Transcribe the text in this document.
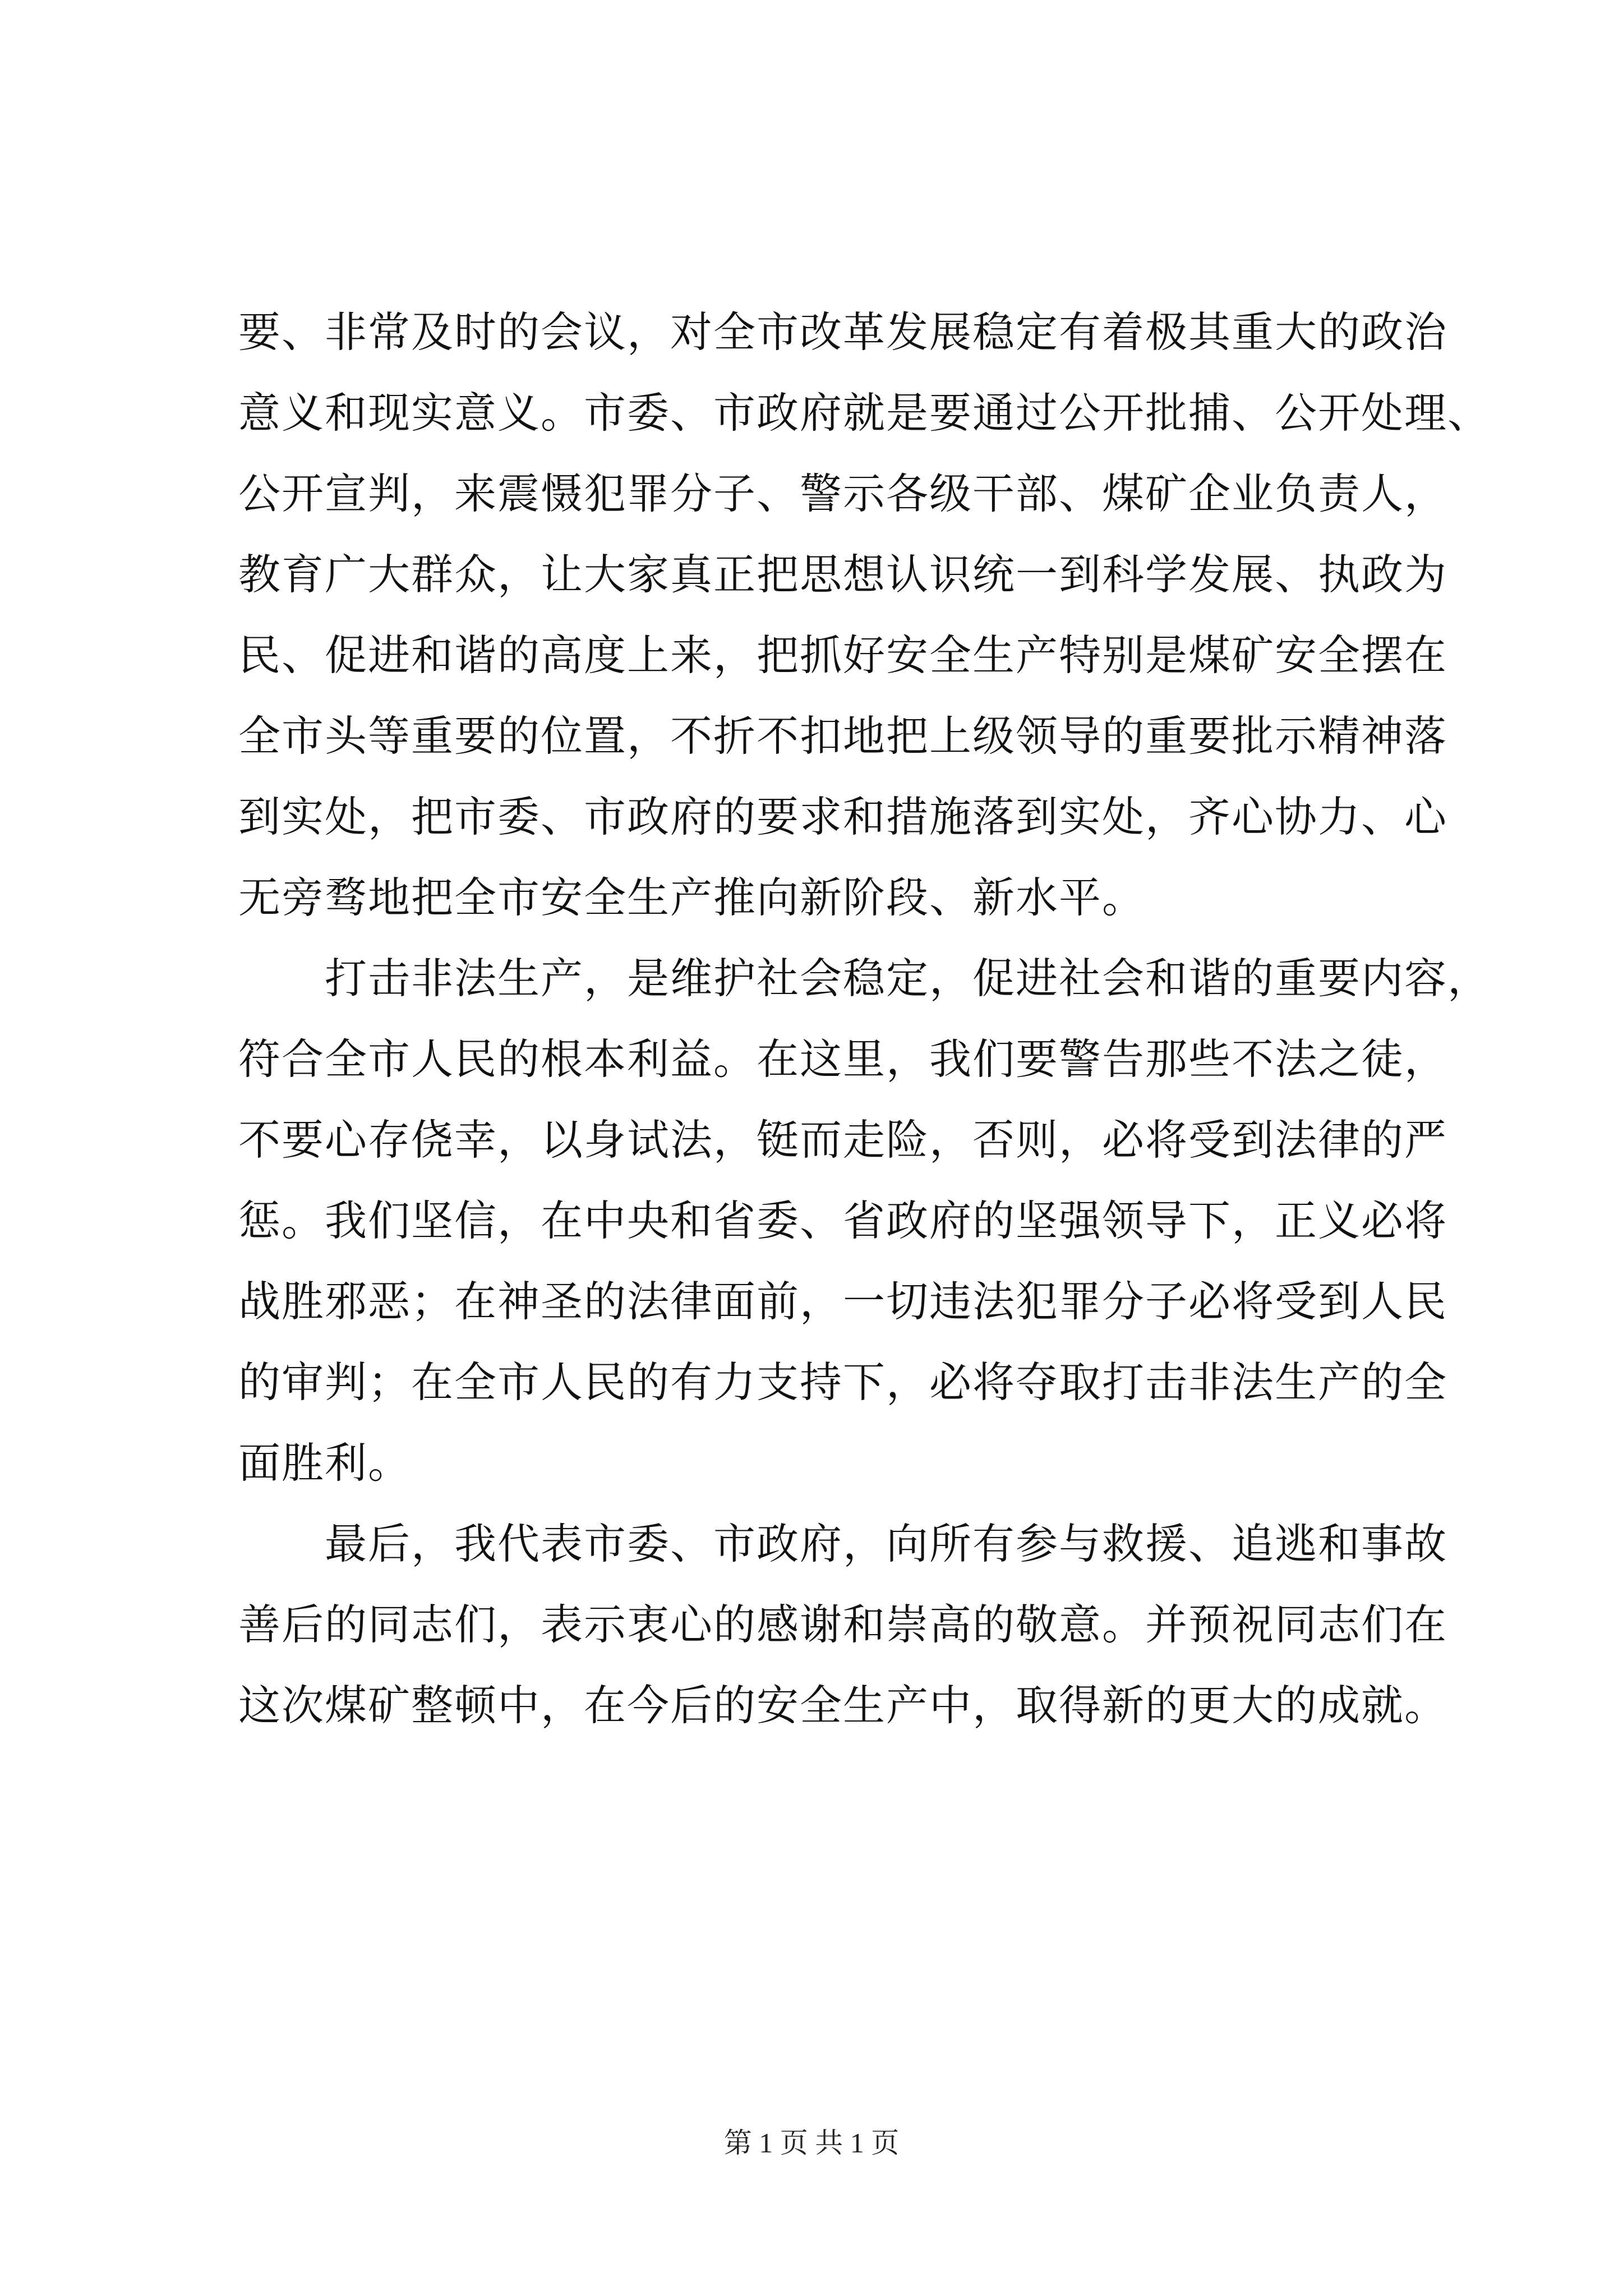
要、非常及时的会议，对全市改革发展稳定有着极其重大的政治
意义和现实意义。市委、市政府就是要通过公开批捕、公开处理、
公开宣判，来震慑犯罪分子、警示各级干部、煤矿企业负责人，
教育广大群众，让大家真正把思想认识统一到科学发展、执政为
民、促进和谐的高度上来，把抓好安全生产特别是煤矿安全摆在
全市头等重要的位置，不折不扣地把上级领导的重要批示精神落
到实处，把市委、市政府的要求和措施落到实处，齐心协力、心
无旁骛地把全市安全生产推向新阶段、新水平。
打击非法生产，是维护社会稳定，促进社会和谐的重要内容，
符合全市人民的根本利益。在这里，我们要警告那些不法之徒，
不要心存侥幸，以身试法，铤而走险，否则，必将受到法律的严
惩。我们坚信，在中央和省委、省政府的坚强领导下，正义必将
战胜邪恶；在神圣的法律面前，一切违法犯罪分子必将受到人民
的审判；在全市人民的有力支持下，必将夺取打击非法生产的全
面胜利。
最后，我代表市委、市政府，向所有参与救援、追逃和事故
善后的同志们，表示衷心的感谢和崇高的敬意。并预祝同志们在
这次煤矿整顿中，在今后的安全生产中，取得新的更大的成就。
第 1 页 共 1 页
